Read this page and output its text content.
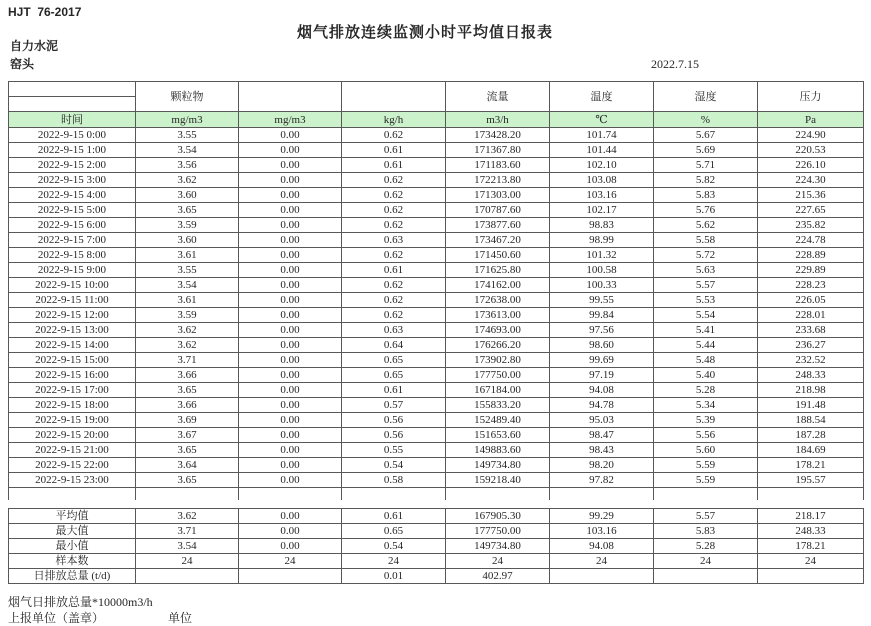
HJT  76-2017
烟气排放连续监测小时平均值日报表
自力水泥
窑头	2022.7.15
	颗粒物			流量	温度	湿度	压力
时间	mg/m3	mg/m3	kg/h	m3/h	℃	%	Pa
2022-9-15 0:00	3.55	0.00	0.62	173428.20	101.74	5.67	224.90
2022-9-15 1:00	3.54	0.00	0.61	171367.80	101.44	5.69	220.53
2022-9-15 2:00	3.56	0.00	0.61	171183.60	102.10	5.71	226.10
2022-9-15 3:00	3.62	0.00	0.62	172213.80	103.08	5.82	224.30
2022-9-15 4:00	3.60	0.00	0.62	171303.00	103.16	5.83	215.36
2022-9-15 5:00	3.65	0.00	0.62	170787.60	102.17	5.76	227.65
2022-9-15 6:00	3.59	0.00	0.62	173877.60	98.83	5.62	235.82
2022-9-15 7:00	3.60	0.00	0.63	173467.20	98.99	5.58	224.78
2022-9-15 8:00	3.61	0.00	0.62	171450.60	101.32	5.72	228.89
2022-9-15 9:00	3.55	0.00	0.61	171625.80	100.58	5.63	229.89
2022-9-15 10:00	3.54	0.00	0.62	174162.00	100.33	5.57	228.23
2022-9-15 11:00	3.61	0.00	0.62	172638.00	99.55	5.53	226.05
2022-9-15 12:00	3.59	0.00	0.62	173613.00	99.84	5.54	228.01
2022-9-15 13:00	3.62	0.00	0.63	174693.00	97.56	5.41	233.68
2022-9-15 14:00	3.62	0.00	0.64	176266.20	98.60	5.44	236.27
2022-9-15 15:00	3.71	0.00	0.65	173902.80	99.69	5.48	232.52
2022-9-15 16:00	3.66	0.00	0.65	177750.00	97.19	5.40	248.33
2022-9-15 17:00	3.65	0.00	0.61	167184.00	94.08	5.28	218.98
2022-9-15 18:00	3.66	0.00	0.57	155833.20	94.78	5.34	191.48
2022-9-15 19:00	3.69	0.00	0.56	152489.40	95.03	5.39	188.54
2022-9-15 20:00	3.67	0.00	0.56	151653.60	98.47	5.56	187.28
2022-9-15 21:00	3.65	0.00	0.55	149883.60	98.43	5.60	184.69
2022-9-15 22:00	3.64	0.00	0.54	149734.80	98.20	5.59	178.21
2022-9-15 23:00	3.65	0.00	0.58	159218.40	97.82	5.59	195.57

平均值	3.62	0.00	0.61	167905.30	99.29	5.57	218.17
最大值	3.71	0.00	0.65	177750.00	103.16	5.83	248.33
最小值	3.54	0.00	0.54	149734.80	94.08	5.28	178.21
样本数	24	24	24	24	24	24	24
日排放总量 (t/d)			0.01	402.97			
烟气日排放总量*10000m3/h
上报单位（盖章）	单位
